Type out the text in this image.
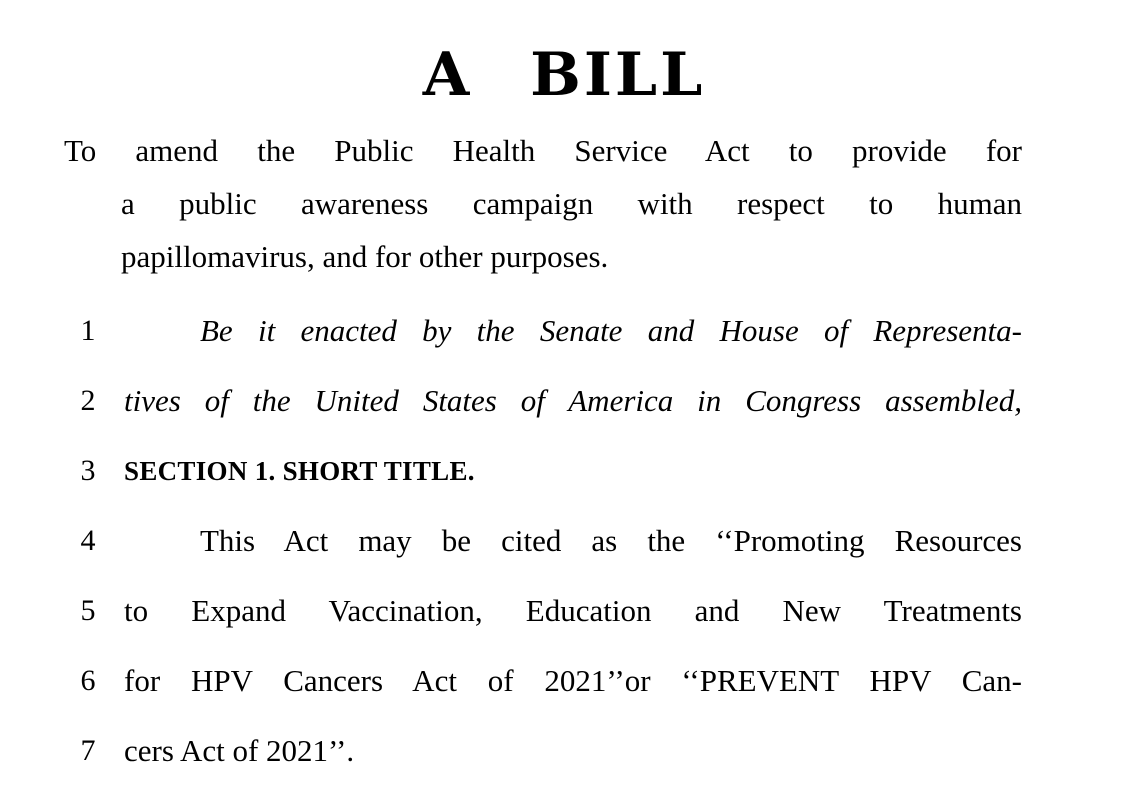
A BILL
To amend the Public Health Service Act to provide for
a public awareness campaign with respect to human
papillomavirus, and for other purposes.
1	Be it enacted by the Senate and House of Representa-
2 tives of the United States of America in Congress assembled,
3 SECTION 1. SHORT TITLE.
4	This Act may be cited as the ‘‘Promoting Resources
5 to Expand Vaccination, Education and New Treatments
6 for HPV Cancers Act of 2021’’or ‘‘PREVENT HPV Can-
7 cers Act of 2021’’.
